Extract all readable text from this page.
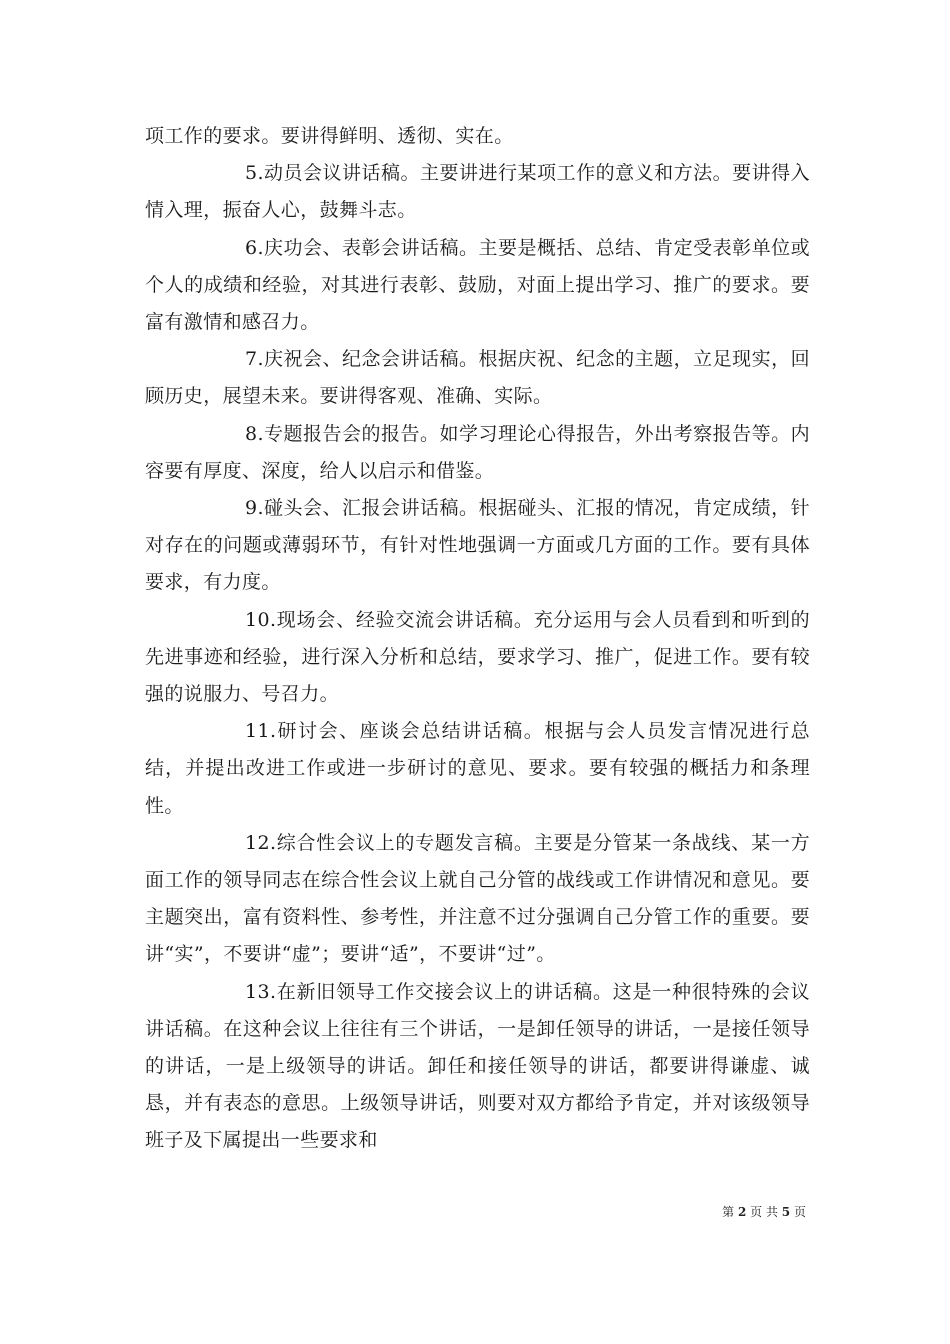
项工作的要求。要讲得鲜明、透彻、实在。

5.动员会议讲话稿。主要讲进行某项工作的意义和方法。要讲得入情入理，振奋人心，鼓舞斗志。

6.庆功会、表彰会讲话稿。主要是概括、总结、肯定受表彰单位或个人的成绩和经验，对其进行表彰、鼓励，对面上提出学习、推广的要求。要富有激情和感召力。

7.庆祝会、纪念会讲话稿。根据庆祝、纪念的主题，立足现实，回顾历史，展望未来。要讲得客观、准确、实际。

8.专题报告会的报告。如学习理论心得报告，外出考察报告等。内容要有厚度、深度，给人以启示和借鉴。

9.碰头会、汇报会讲话稿。根据碰头、汇报的情况，肯定成绩，针对存在的问题或薄弱环节，有针对性地强调一方面或几方面的工作。要有具体要求，有力度。

10.现场会、经验交流会讲话稿。充分运用与会人员看到和听到的先进事迹和经验，进行深入分析和总结，要求学习、推广，促进工作。要有较强的说服力、号召力。

11.研讨会、座谈会总结讲话稿。根据与会人员发言情况进行总结，并提出改进工作或进一步研讨的意见、要求。要有较强的概括力和条理性。

12.综合性会议上的专题发言稿。主要是分管某一条战线、某一方面工作的领导同志在综合性会议上就自己分管的战线或工作讲情况和意见。要主题突出，富有资料性、参考性，并注意不过分强调自己分管工作的重要。要讲“实”，不要讲“虚”；要讲“适”，不要讲“过”。

13.在新旧领导工作交接会议上的讲话稿。这是一种很特殊的会议讲话稿。在这种会议上往往有三个讲话，一是卸任领导的讲话，一是接任领导的讲话，一是上级领导的讲话。卸任和接任领导的讲话，都要讲得谦虚、诚恳，并有表态的意思。上级领导讲话，则要对双方都给予肯定，并对该级领导班子及下属提出一些要求和

第 2 页 共 5 页
